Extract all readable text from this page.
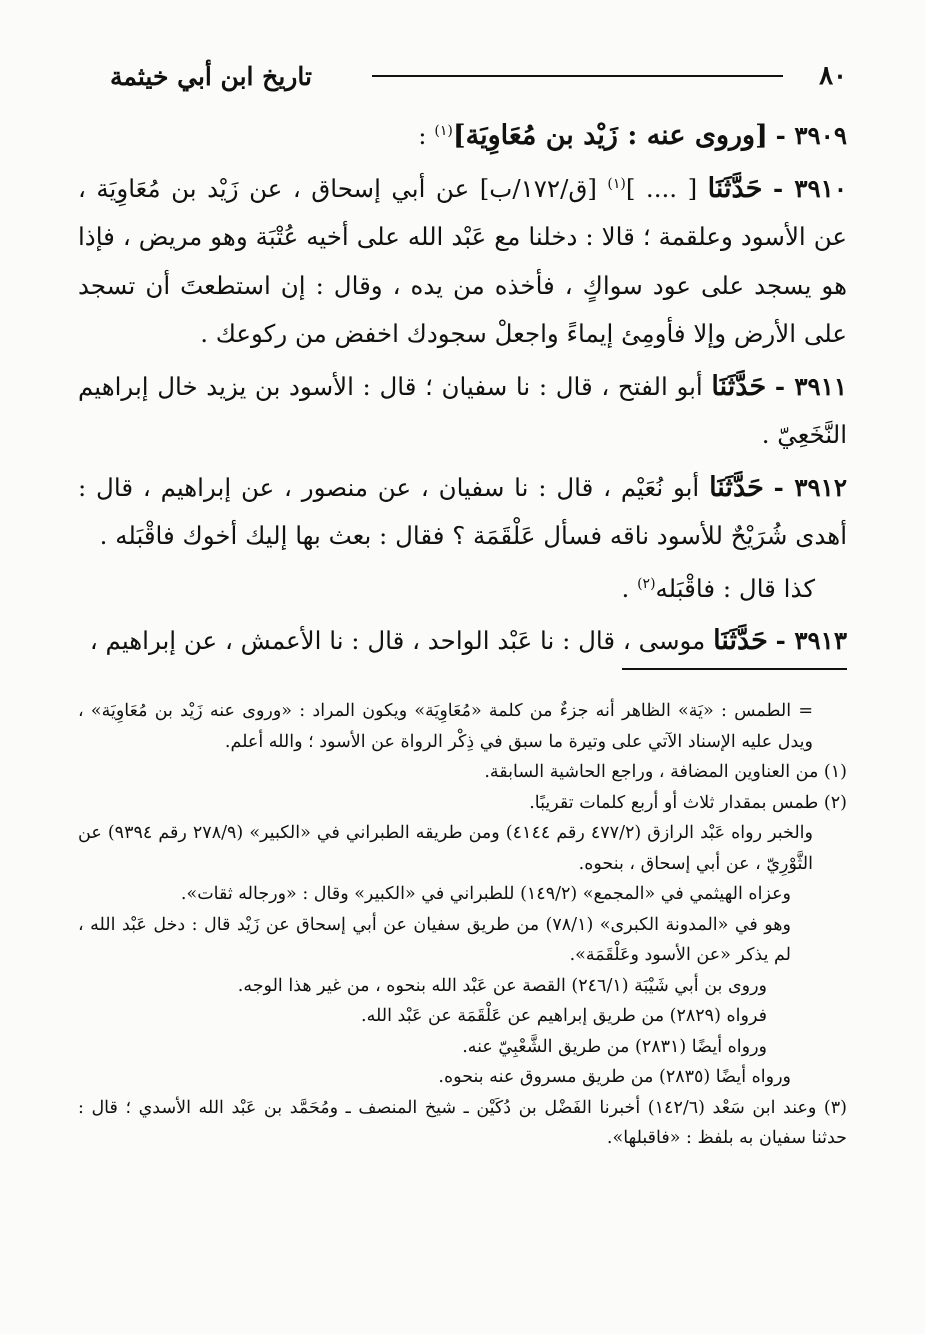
٨٠
تاريخ ابن أبي خيثمة

٣٩٠٩ - [وروى عنه : زَيْد بن مُعَاوِيَة]$^{(١)}$ :

٣٩١٠ - حَدَّثَنَا [ .... ]$^{(١)}$ [ق/١٧٢/ب] عن أبي إسحاق ، عن زَيْد بن مُعَاوِيَة ، عن الأسود وعلقمة ؛ قالا : دخلنا مع عَبْد الله على أخيه عُتْبَة وهو مريض ، فإذا هو يسجد على عود سواكٍ ، فأخذه من يده ، وقال : إن استطعتَ أن تسجد على الأرض وإلا فأومِئ إيماءً واجعلْ سجودك اخفض من ركوعك .

٣٩١١ - حَدَّثَنَا أبو الفتح ، قال : نا سفيان ؛ قال : الأسود بن يزيد خال إبراهيم النَّخَعِيّ .

٣٩١٢ - حَدَّثَنَا أبو نُعَيْم ، قال : نا سفيان ، عن منصور ، عن إبراهيم ، قال : أهدى شُرَيْحٌ للأسود ناقه فسأل عَلْقَمَة ؟ فقال : بعث بها إليك أخوك فاقْبَله .

كذا قال : فاقْبَله$^{(٢)}$ .

٣٩١٣ - حَدَّثَنَا موسى ، قال : نا عَبْد الواحد ، قال : نا الأعمش ، عن إبراهيم ،

= الطمس : «يَة» الظاهر أنه جزءٌ من كلمة «مُعَاوِيَة» ويكون المراد : «وروى عنه زَيْد بن مُعَاوِيَة» ، ويدل عليه الإسناد الآتي على وتيرة ما سبق في ذِكْر الرواة عن الأسود ؛ والله أعلم.

(١) من العناوين المضافة ، وراجع الحاشية السابقة.

(٢) طمس بمقدار ثلاث أو أربع كلمات تقريبًا.

والخبر رواه عَبْد الرازق (٤٧٧/٢ رقم ٤١٤٤) ومن طريقه الطبراني في «الكبير» (٢٧٨/٩ رقم ٩٣٩٤) عن الثَّوْرِيّ ، عن أبي إسحاق ، بنحوه.

وعزاه الهيثمي في «المجمع» (١٤٩/٢) للطبراني في «الكبير» وقال : «ورجاله ثقات».

وهو في «المدونة الكبرى» (٧٨/١) من طريق سفيان عن أبي إسحاق عن زَيْد قال : دخل عَبْد الله ، لم يذكر «عن الأسود وعَلْقَمَة».

وروى بن أبي شَيْبَة (٢٤٦/١) القصة عن عَبْد الله بنحوه ، من غير هذا الوجه.

فرواه (٢٨٢٩) من طريق إبراهيم عن عَلْقَمَة عن عَبْد الله.

ورواه أيضًا (٢٨٣١) من طريق الشَّعْبِيّ عنه.

ورواه أيضًا (٢٨٣٥) من طريق مسروق عنه بنحوه.

(٣) وعند ابن سَعْد (١٤٢/٦) أخبرنا الفَضْل بن دُكَيْن ـ شيخ المنصف ـ ومُحَمَّد بن عَبْد الله الأسدي ؛ قال : حدثنا سفيان به بلفظ : «فاقبلها».
